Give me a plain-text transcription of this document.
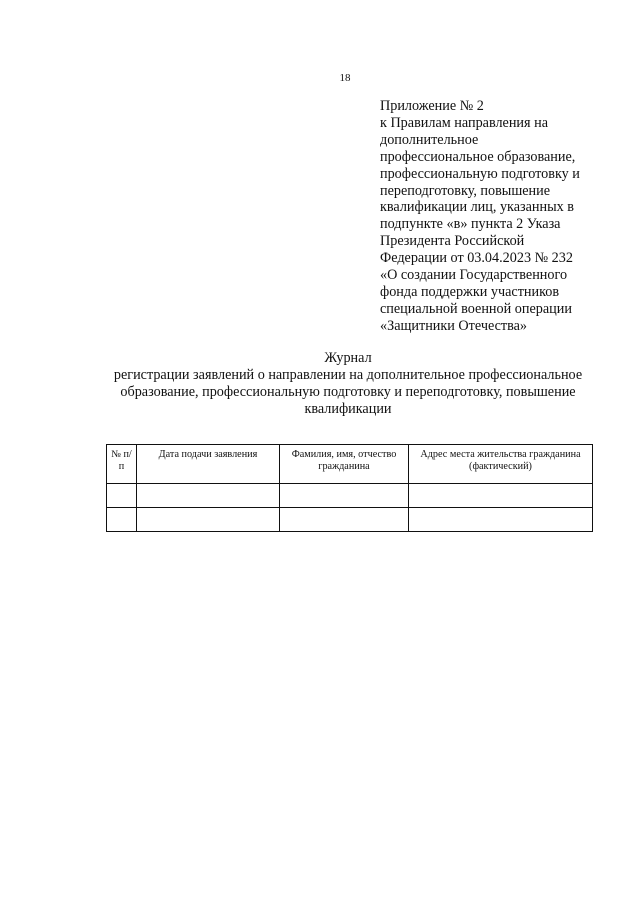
18
Приложение № 2
к Правилам направления на
дополнительное
профессиональное образование,
профессиональную подготовку и
переподготовку, повышение
квалификации лиц, указанных в
подпункте «в» пункта 2 Указа
Президента Российской
Федерации от 03.04.2023 № 232
«О создании Государственного
фонда поддержки участников
специальной военной операции
«Защитники Отечества»
Журнал
регистрации заявлений о направлении на дополнительное профессиональное
образование, профессиональную подготовку и переподготовку, повышение
квалификации
№ п/п	Дата подачи заявления	Фамилия, имя, отчество гражданина	Адрес места жительства гражданина (фактический)
